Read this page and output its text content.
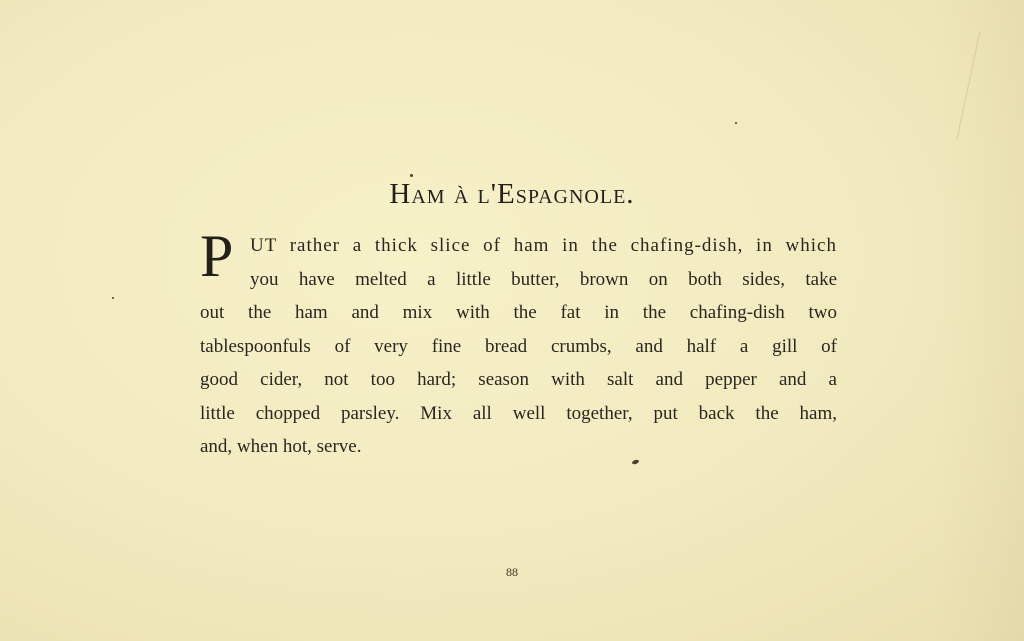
Ham à l'Espagnole.
P UT rather a thick slice of ham in the chafing-dish, in which
you have melted a little butter, brown on both sides, take
out the ham and mix with the fat in the chafing-dish two
tablespoonfuls of very fine bread crumbs, and half a gill of
good cider, not too hard; season with salt and pepper and a
little chopped parsley. Mix all well together, put back the ham,
and, when hot, serve.
88
